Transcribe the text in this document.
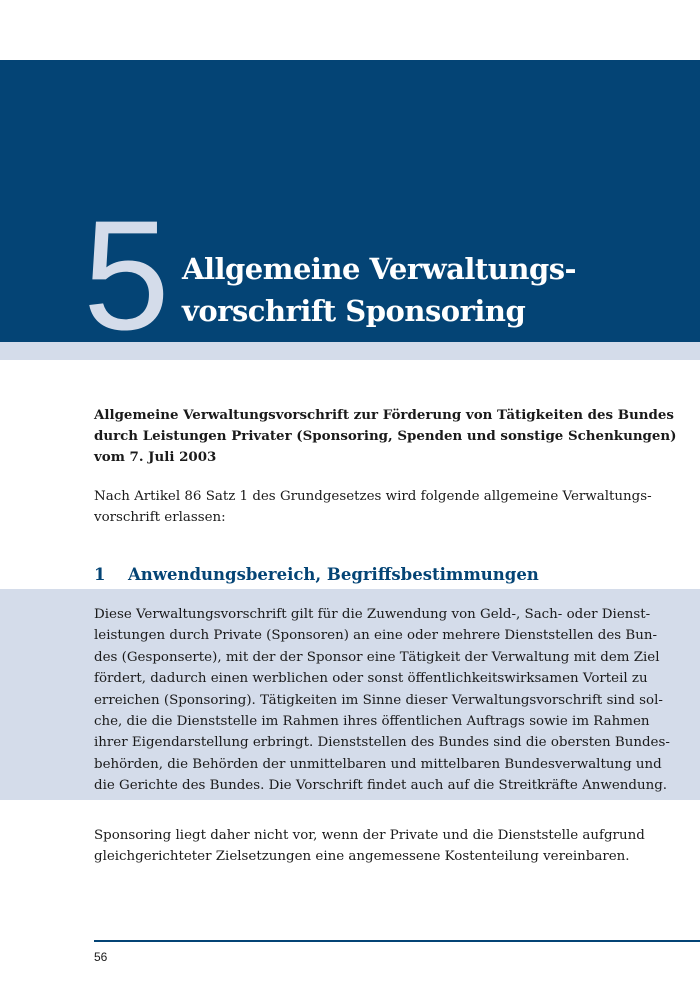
5 Allgemeine Verwaltungs-
vorschrift Sponsoring
Allgemeine Verwaltungsvorschrift zur Förderung von Tätigkeiten des Bundes
durch Leistungen Privater (Sponsoring, Spenden und sonstige Schenkungen)
vom 7. Juli 2003
Nach Artikel 86 Satz 1 des Grundgesetzes wird folgende allgemeine Verwaltungs-
vorschrift erlassen:
1 Anwendungsbereich, Begriffsbestimmungen
Diese Verwaltungsvorschrift gilt für die Zuwendung von Geld-, Sach- oder Dienst-
leistungen durch Private (Sponsoren) an eine oder mehrere Dienststellen des Bun-
des (Gesponserte), mit der der Sponsor eine Tätigkeit der Verwaltung mit dem Ziel
fördert, dadurch einen werblichen oder sonst öffentlichkeitswirksamen Vorteil zu
erreichen (Sponsoring). Tätigkeiten im Sinne dieser Verwaltungsvorschrift sind sol-
che, die die Dienststelle im Rahmen ihres öffentlichen Auftrags sowie im Rahmen
ihrer Eigendarstellung erbringt. Dienststellen des Bundes sind die obersten Bundes-
behörden, die Behörden der unmittelbaren und mittelbaren Bundesverwaltung und
die Gerichte des Bundes. Die Vorschrift findet auch auf die Streitkräfte Anwendung.
Sponsoring liegt daher nicht vor, wenn der Private und die Dienststelle aufgrund
gleichgerichteter Zielsetzungen eine angemessene Kostenteilung vereinbaren.
56
